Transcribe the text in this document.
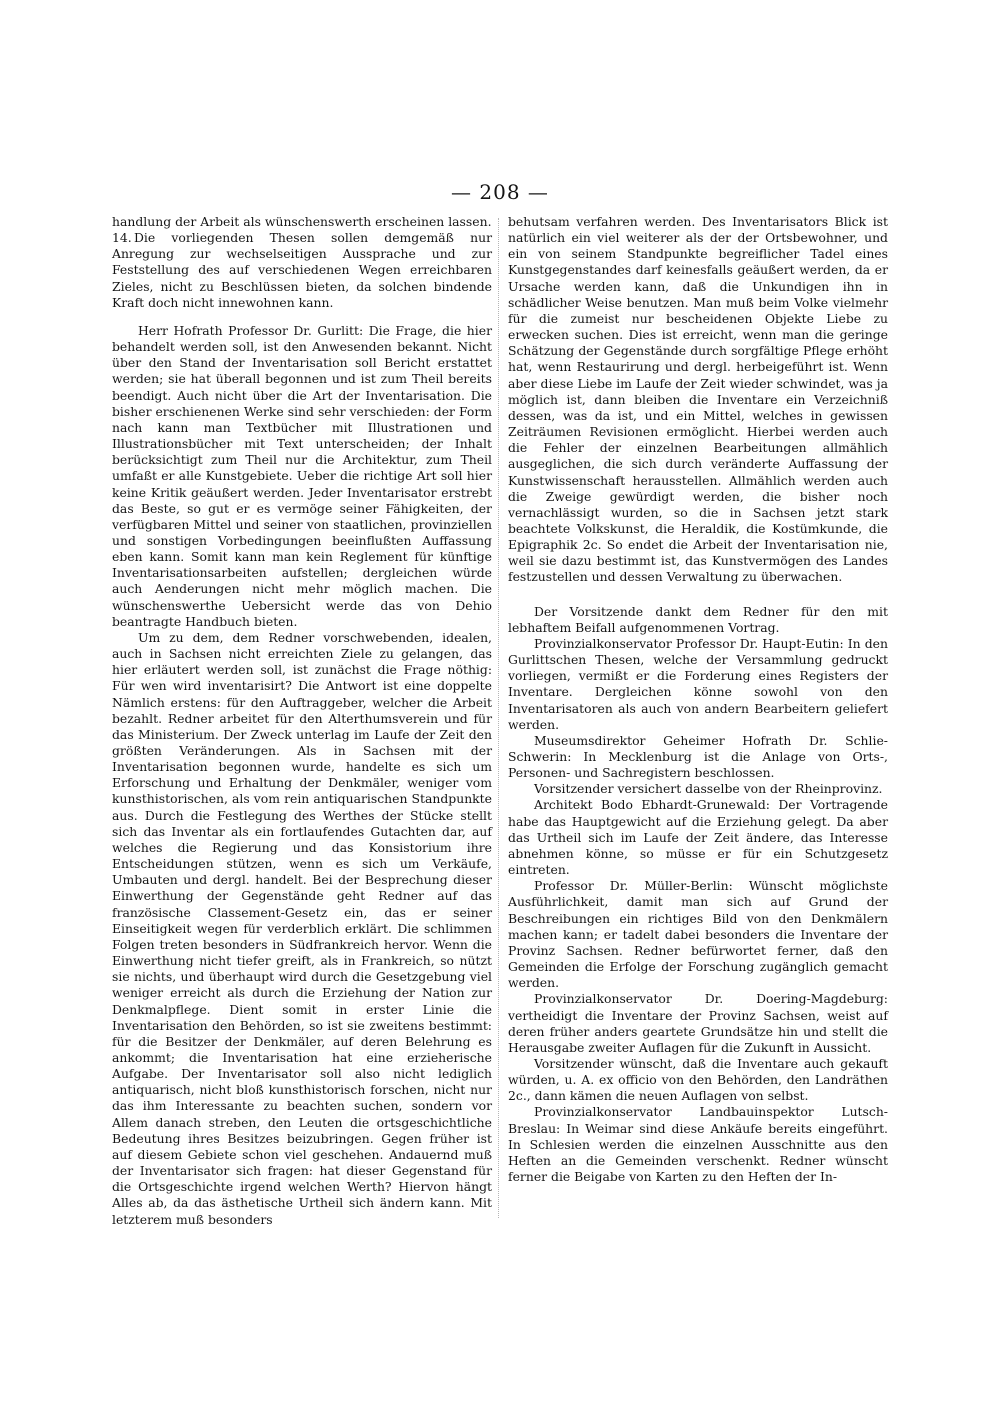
— 208 —

handlung der Arbeit als wünschenswerth erscheinen lassen.

14. Die vorliegenden Thesen sollen demgemäß nur Anregung zur wechselseitigen Aussprache und zur Feststellung des auf verschiedenen Wegen erreichbaren Zieles, nicht zu Beschlüssen bieten, da solchen bindende Kraft doch nicht innewohnen kann.

Herr Hofrath Professor Dr. Gurlitt: Die Frage, die hier behandelt werden soll, ist den Anwesenden bekannt. Nicht über den Stand der Inventarisation soll Bericht erstattet werden; sie hat überall begonnen und ist zum Theil bereits beendigt. Auch nicht über die Art der Inventarisation. Die bisher erschienenen Werke sind sehr verschieden: der Form nach kann man Textbücher mit Illustrationen und Illustrationsbücher mit Text unterscheiden; der Inhalt berücksichtigt zum Theil nur die Architektur, zum Theil umfaßt er alle Kunstgebiete. Ueber die richtige Art soll hier keine Kritik geäußert werden. Jeder Inventarisator erstrebt das Beste, so gut er es vermöge seiner Fähigkeiten, der verfügbaren Mittel und seiner von staatlichen, provinziellen und sonstigen Vorbedingungen beeinflußten Auffassung eben kann. Somit kann man kein Reglement für künftige Inventarisationsarbeiten aufstellen; dergleichen würde auch Aenderungen nicht mehr möglich machen. Die wünschenswerthe Uebersicht werde das von Dehio beantragte Handbuch bieten.

Um zu dem, dem Redner vorschwebenden, idealen, auch in Sachsen nicht erreichten Ziele zu gelangen, das hier erläutert werden soll, ist zunächst die Frage nöthig: Für wen wird inventarisirt? Die Antwort ist eine doppelte Nämlich erstens: für den Auftraggeber, welcher die Arbeit bezahlt. Redner arbeitet für den Alterthumsverein und für das Ministerium. Der Zweck unterlag im Laufe der Zeit den größten Veränderungen. Als in Sachsen mit der Inventarisation begonnen wurde, handelte es sich um Erforschung und Erhaltung der Denkmäler, weniger vom kunsthistorischen, als vom rein antiquarischen Standpunkte aus. Durch die Festlegung des Werthes der Stücke stellt sich das Inventar als ein fortlaufendes Gutachten dar, auf welches die Regierung und das Konsistorium ihre Entscheidungen stützen, wenn es sich um Verkäufe, Umbauten und dergl. handelt. Bei der Besprechung dieser Einwerthung der Gegenstände geht Redner auf das französische Classement-Gesetz ein, das er seiner Einseitigkeit wegen für verderblich erklärt. Die schlimmen Folgen treten besonders in Südfrankreich hervor. Wenn die Einwerthung nicht tiefer greift, als in Frankreich, so nützt sie nichts, und überhaupt wird durch die Gesetzgebung viel weniger erreicht als durch die Erziehung der Nation zur Denkmalpflege. Dient somit in erster Linie die Inventarisation den Behörden, so ist sie zweitens bestimmt: für die Besitzer der Denkmäler, auf deren Belehrung es ankommt; die Inventarisation hat eine erzieherische Aufgabe. Der Inventarisator soll also nicht lediglich antiquarisch, nicht bloß kunsthistorisch forschen, nicht nur das ihm Interessante zu beachten suchen, sondern vor Allem danach streben, den Leuten die ortsgeschichtliche Bedeutung ihres Besitzes beizubringen. Gegen früher ist auf diesem Gebiete schon viel geschehen. Andauernd muß der Inventarisator sich fragen: hat dieser Gegenstand für die Ortsgeschichte irgend welchen Werth? Hiervon hängt Alles ab, da das ästhetische Urtheil sich ändern kann. Mit letzterem muß besonders

behutsam verfahren werden. Des Inventarisators Blick ist natürlich ein viel weiterer als der der Ortsbewohner, und ein von seinem Standpunkte begreiflicher Tadel eines Kunstgegenstandes darf keinesfalls geäußert werden, da er Ursache werden kann, daß die Unkundigen ihn in schädlicher Weise benutzen. Man muß beim Volke vielmehr für die zumeist nur bescheidenen Objekte Liebe zu erwecken suchen. Dies ist erreicht, wenn man die geringe Schätzung der Gegenstände durch sorgfältige Pflege erhöht hat, wenn Restaurirung und dergl. herbeigeführt ist. Wenn aber diese Liebe im Laufe der Zeit wieder schwindet, was ja möglich ist, dann bleiben die Inventare ein Verzeichniß dessen, was da ist, und ein Mittel, welches in gewissen Zeiträumen Revisionen ermöglicht. Hierbei werden auch die Fehler der einzelnen Bearbeitungen allmählich ausgeglichen, die sich durch veränderte Auffassung der Kunstwissenschaft herausstellen. Allmählich werden auch die Zweige gewürdigt werden, die bisher noch vernachlässigt wurden, so die in Sachsen jetzt stark beachtete Volkskunst, die Heraldik, die Kostümkunde, die Epigraphik 2c. So endet die Arbeit der Inventarisation nie, weil sie dazu bestimmt ist, das Kunstvermögen des Landes festzustellen und dessen Verwaltung zu überwachen.

Der Vorsitzende dankt dem Redner für den mit lebhaftem Beifall aufgenommenen Vortrag.

Provinzialkonservator Professor Dr. Haupt-Eutin: In den Gurlittschen Thesen, welche der Versammlung gedruckt vorliegen, vermißt er die Forderung eines Registers der Inventare. Dergleichen könne sowohl von den Inventarisatoren als auch von andern Bearbeitern geliefert werden.

Museumsdirektor Geheimer Hofrath Dr. Schlie-Schwerin: In Mecklenburg ist die Anlage von Orts-, Personen- und Sachregistern beschlossen.

Vorsitzender versichert dasselbe von der Rheinprovinz.

Architekt Bodo Ebhardt-Grunewald: Der Vortragende habe das Hauptgewicht auf die Erziehung gelegt. Da aber das Urtheil sich im Laufe der Zeit ändere, das Interesse abnehmen könne, so müsse er für ein Schutzgesetz eintreten.

Professor Dr. Müller-Berlin: Wünscht möglichste Ausführlichkeit, damit man sich auf Grund der Beschreibungen ein richtiges Bild von den Denkmälern machen kann; er tadelt dabei besonders die Inventare der Provinz Sachsen. Redner befürwortet ferner, daß den Gemeinden die Erfolge der Forschung zugänglich gemacht werden.

Provinzialkonservator Dr. Doering-Magdeburg: vertheidigt die Inventare der Provinz Sachsen, weist auf deren früher anders geartete Grundsätze hin und stellt die Herausgabe zweiter Auflagen für die Zukunft in Aussicht.

Vorsitzender wünscht, daß die Inventare auch gekauft würden, u. A. ex officio von den Behörden, den Landräthen 2c., dann kämen die neuen Auflagen von selbst.

Provinzialkonservator Landbauinspektor Lutsch-Breslau: In Weimar sind diese Ankäufe bereits eingeführt. In Schlesien werden die einzelnen Ausschnitte aus den Heften an die Gemeinden verschenkt. Redner wünscht ferner die Beigabe von Karten zu den Heften der In-
